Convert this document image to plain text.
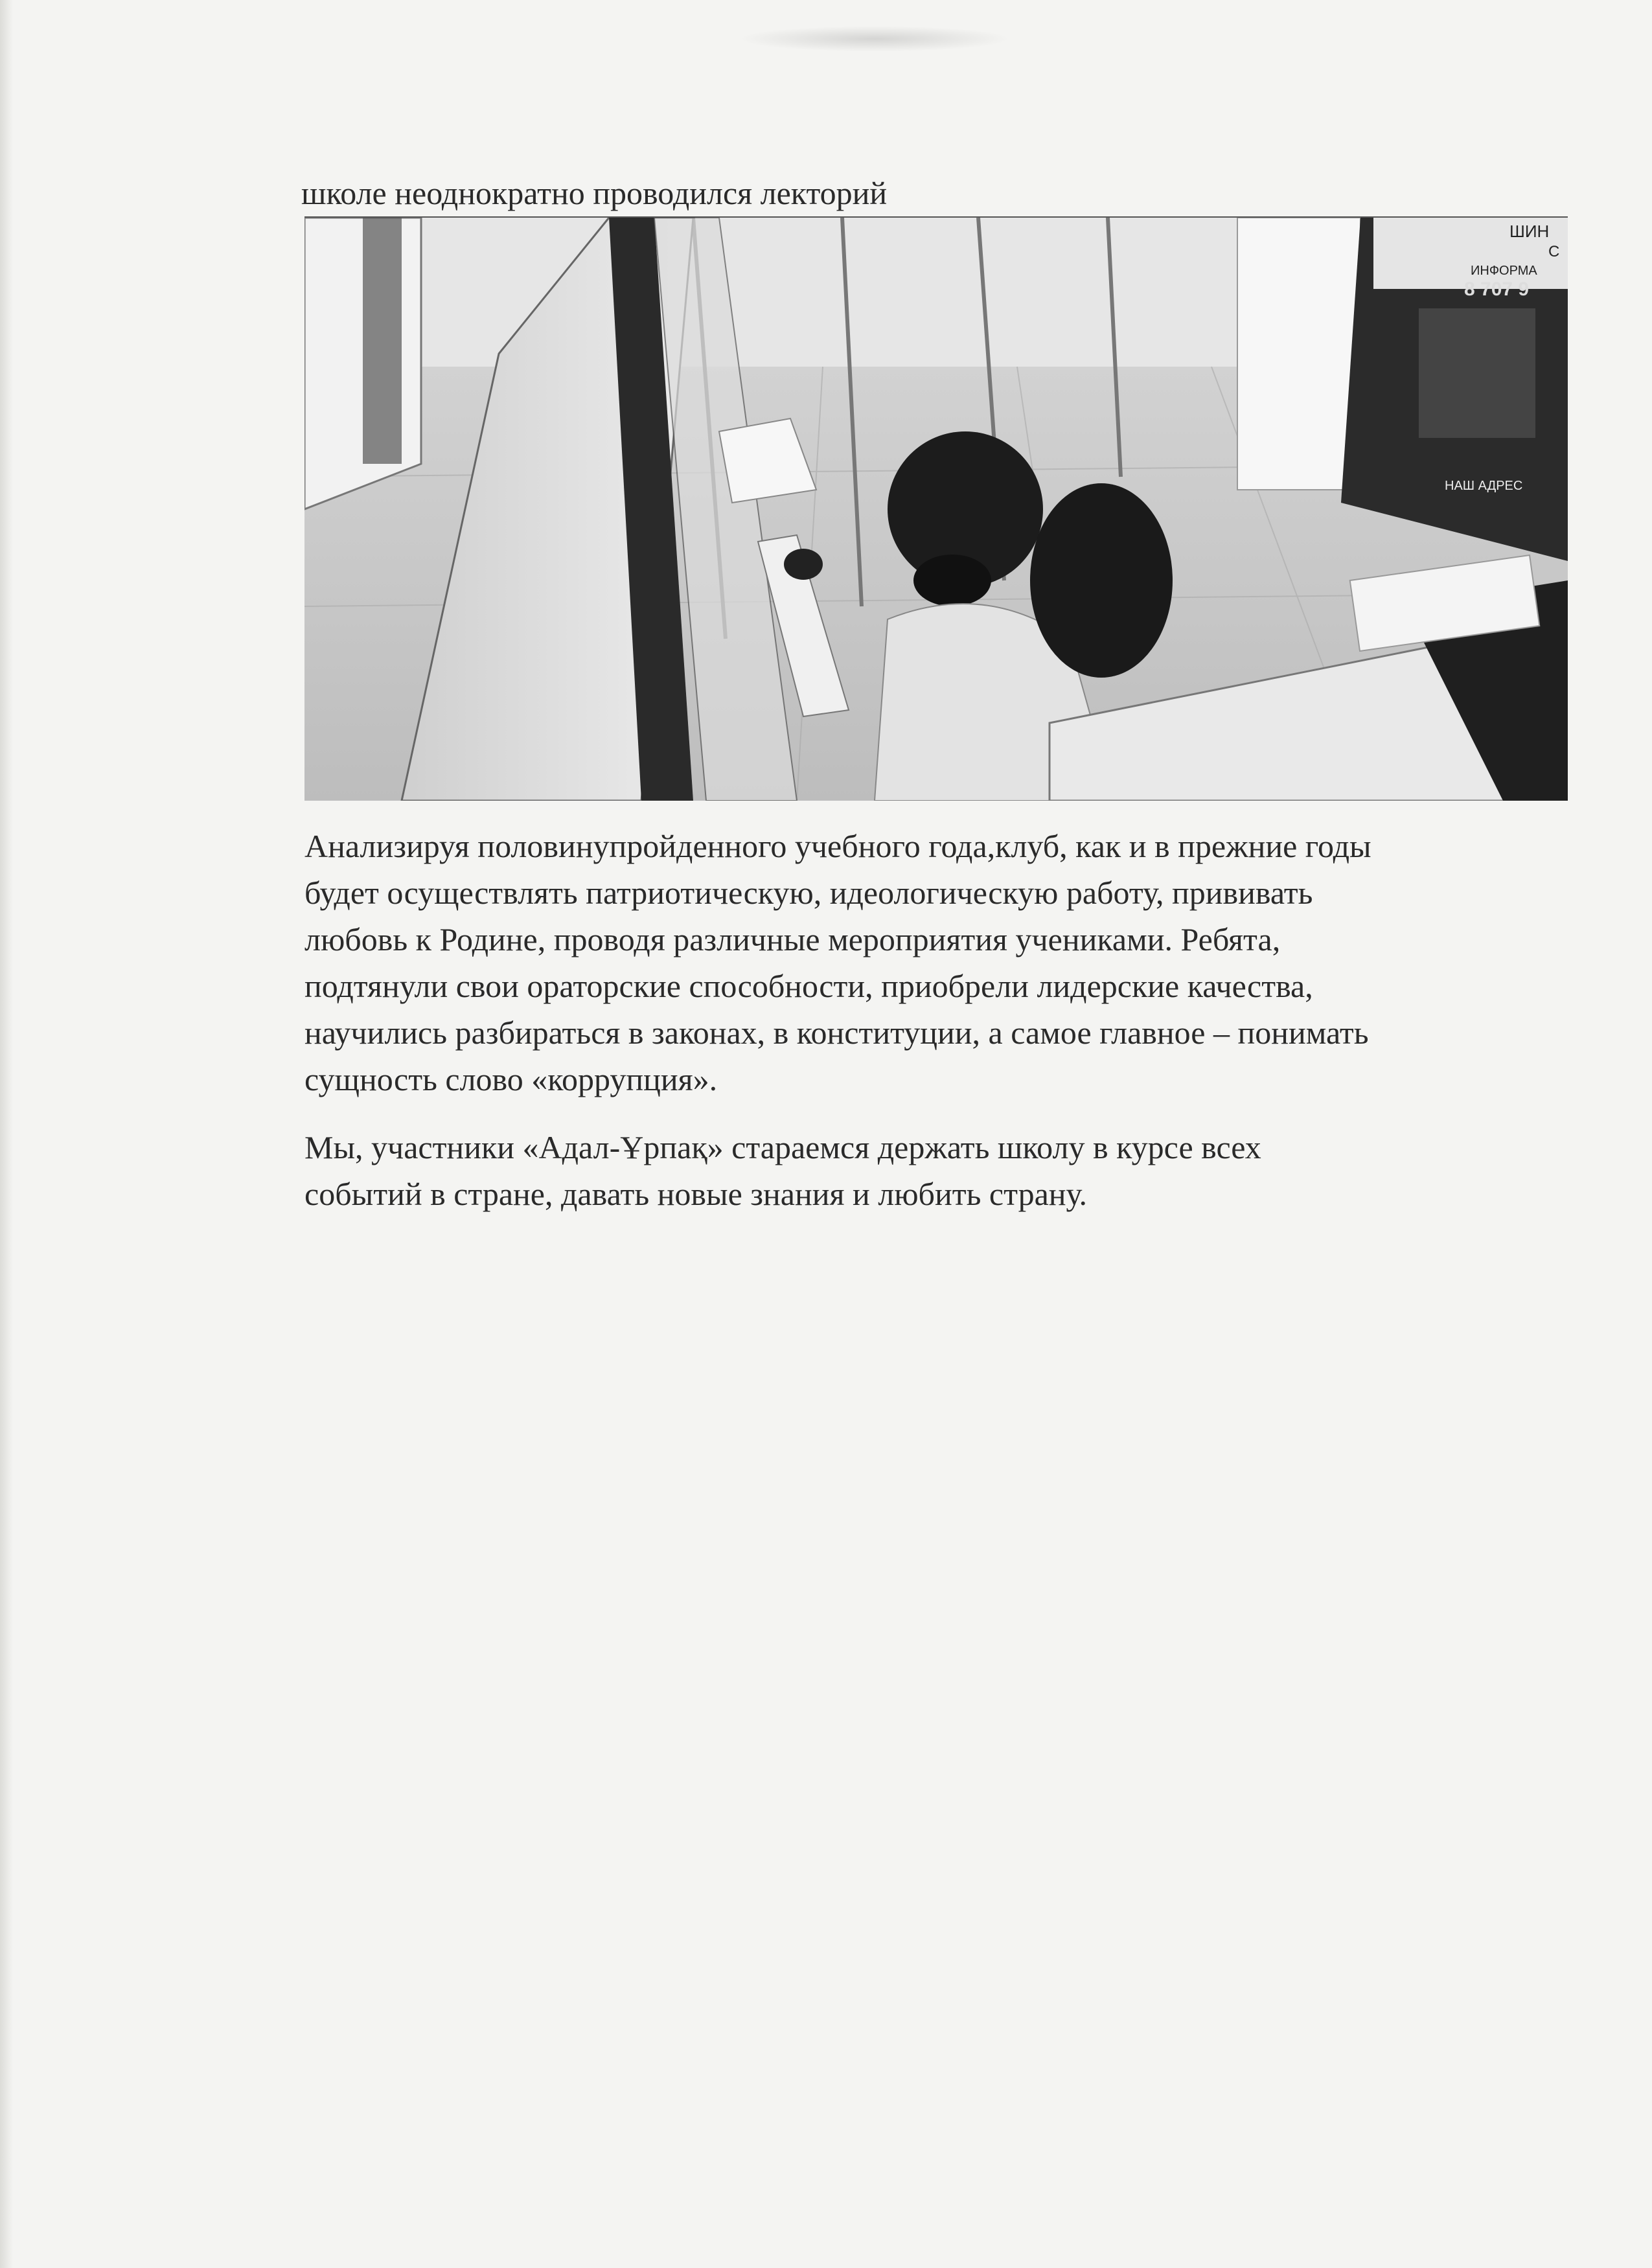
школе неоднократно проводился лекторий
ШИН
С
ИНФОРМА
8 707 9
НАШ АДРЕС

Анализируя половинупройденного учебного года,клуб, как и в прежние годы
будет осуществлять патриотическую, идеологическую работу, прививать
любовь к Родине, проводя различные мероприятия учениками. Ребята,
подтянули свои ораторские способности, приобрели лидерские качества,
научились разбираться в законах, в конституции, а самое главное – понимать
сущность слово «коррупция».

Мы, участники «Адал-Ұрпақ» стараемся держать школу в курсе всех
событий в стране, давать новые знания и любить страну.
